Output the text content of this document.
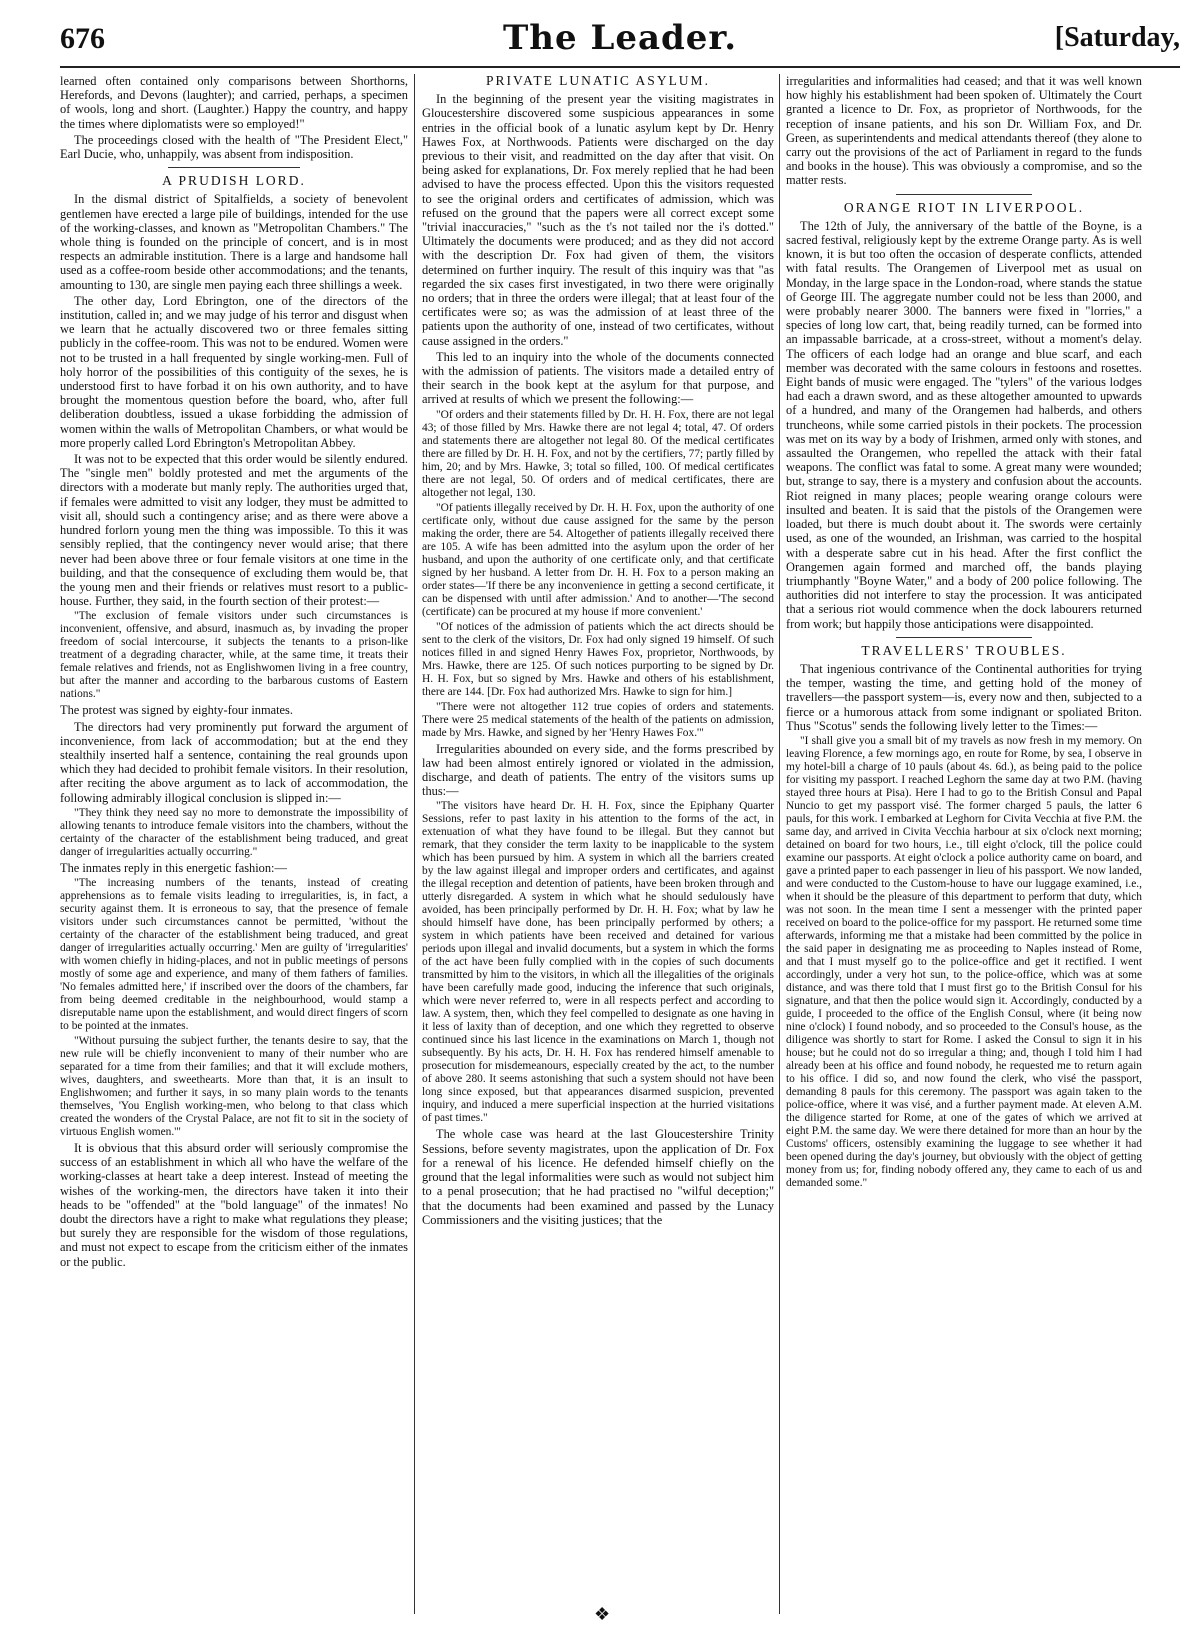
676	The Leader.	[Saturday,

learned often contained only comparisons between Shorthorns, Herefords, and Devons (laughter); and carried, perhaps, a specimen of wools, long and short. (Laughter.) Happy the country, and happy the times where diplomatists were so employed!"

The proceedings closed with the health of "The President Elect," Earl Ducie, who, unhappily, was absent from indisposition.

A PRUDISH LORD.

In the dismal district of Spitalfields, a society of benevolent gentlemen have erected a large pile of buildings, intended for the use of the working-classes, and known as "Metropolitan Chambers." The whole thing is founded on the principle of concert, and is in most respects an admirable institution. There is a large and handsome hall used as a coffee-room beside other accommodations; and the tenants, amounting to 130, are single men paying each three shillings a week.

The other day, Lord Ebrington, one of the directors of the institution, called in; and we may judge of his terror and disgust when we learn that he actually discovered two or three females sitting publicly in the coffee-room. This was not to be endured. Women were not to be trusted in a hall frequented by single working-men. Full of holy horror of the possibilities of this contiguity of the sexes, he is understood first to have forbad it on his own authority, and to have brought the momentous question before the board, who, after full deliberation doubtless, issued a ukase forbidding the admission of women within the walls of Metropolitan Chambers, or what would be more properly called Lord Ebrington's Metropolitan Abbey.

It was not to be expected that this order would be silently endured. The "single men" boldly protested and met the arguments of the directors with a moderate but manly reply. The authorities urged that, if females were admitted to visit any lodger, they must be admitted to visit all, should such a contingency arise; and as there were above a hundred forlorn young men the thing was impossible. To this it was sensibly replied, that the contingency never would arise; that there never had been above three or four female visitors at one time in the building, and that the consequence of excluding them would be, that the young men and their friends or relatives must resort to a public-house. Further, they said, in the fourth section of their protest:—

"The exclusion of female visitors under such circumstances is inconvenient, offensive, and absurd, inasmuch as, by invading the proper freedom of social intercourse, it subjects the tenants to a prison-like treatment of a degrading character, while, at the same time, it treats their female relatives and friends, not as Englishwomen living in a free country, but after the manner and according to the barbarous customs of Eastern nations."

The protest was signed by eighty-four inmates.

The directors had very prominently put forward the argument of inconvenience, from lack of accommodation; but at the end they stealthily inserted half a sentence, containing the real grounds upon which they had decided to prohibit female visitors. In their resolution, after reciting the above argument as to lack of accommodation, the following admirably illogical conclusion is slipped in:—

"They think they need say no more to demonstrate the impossibility of allowing tenants to introduce female visitors into the chambers, without the certainty of the character of the establishment being traduced, and great danger of irregularities actually occurring."

The inmates reply in this energetic fashion:—

"The increasing numbers of the tenants, instead of creating apprehensions as to female visits leading to irregularities, is, in fact, a security against them. It is erroneous to say, that the presence of female visitors under such circumstances cannot be permitted, 'without the certainty of the character of the establishment being traduced, and great danger of irregularities actually occurring.' Men are guilty of 'irregularities' with women chiefly in hiding-places, and not in public meetings of persons mostly of some age and experience, and many of them fathers of families. 'No females admitted here,' if inscribed over the doors of the chambers, far from being deemed creditable in the neighbourhood, would stamp a disreputable name upon the establishment, and would direct fingers of scorn to be pointed at the inmates.

"Without pursuing the subject further, the tenants desire to say, that the new rule will be chiefly inconvenient to many of their number who are separated for a time from their families; and that it will exclude mothers, wives, daughters, and sweethearts. More than that, it is an insult to Englishwomen; and further it says, in so many plain words to the tenants themselves, 'You English working-men, who belong to that class which created the wonders of the Crystal Palace, are not fit to sit in the society of virtuous English women.'"

It is obvious that this absurd order will seriously compromise the success of an establishment in which all who have the welfare of the working-classes at heart take a deep interest. Instead of meeting the wishes of the working-men, the directors have taken it into their heads to be "offended" at the "bold language" of the inmates! No doubt the directors have a right to make what regulations they please; but surely they are responsible for the wisdom of those regulations, and must not expect to escape from the criticism either of the inmates or the public.

PRIVATE LUNATIC ASYLUM.

In the beginning of the present year the visiting magistrates in Gloucestershire discovered some suspicious appearances in some entries in the official book of a lunatic asylum kept by Dr. Henry Hawes Fox, at Northwoods. Patients were discharged on the day previous to their visit, and readmitted on the day after that visit. On being asked for explanations, Dr. Fox merely replied that he had been advised to have the process effected. Upon this the visitors requested to see the original orders and certificates of admission, which was refused on the ground that the papers were all correct except some "trivial inaccuracies," "such as the t's not tailed nor the i's dotted." Ultimately the documents were produced; and as they did not accord with the description Dr. Fox had given of them, the visitors determined on further inquiry. The result of this inquiry was that "as regarded the six cases first investigated, in two there were originally no orders; that in three the orders were illegal; that at least four of the certificates were so; as was the admission of at least three of the patients upon the authority of one, instead of two certificates, without cause assigned in the orders."

This led to an inquiry into the whole of the documents connected with the admission of patients. The visitors made a detailed entry of their search in the book kept at the asylum for that purpose, and arrived at results of which we present the following:—

"Of orders and their statements filled by Dr. H. H. Fox, there are not legal 43; of those filled by Mrs. Hawke there are not legal 4; total, 47. Of orders and statements there are altogether not legal 80. Of the medical certificates there are filled by Dr. H. H. Fox, and not by the certifiers, 77; partly filled by him, 20; and by Mrs. Hawke, 3; total so filled, 100. Of medical certificates there are not legal, 50. Of orders and of medical certificates, there are altogether not legal, 130.

"Of patients illegally received by Dr. H. H. Fox, upon the authority of one certificate only, without due cause assigned for the same by the person making the order, there are 54. Altogether of patients illegally received there are 105. A wife has been admitted into the asylum upon the order of her husband, and upon the authority of one certificate only, and that certificate signed by her husband. A letter from Dr. H. H. Fox to a person making an order states—'If there be any inconvenience in getting a second certificate, it can be dispensed with until after admission.' And to another—'The second (certificate) can be procured at my house if more convenient.'

"Of notices of the admission of patients which the act directs should be sent to the clerk of the visitors, Dr. Fox had only signed 19 himself. Of such notices filled in and signed Henry Hawes Fox, proprietor, Northwoods, by Mrs. Hawke, there are 125. Of such notices purporting to be signed by Dr. H. H. Fox, but so signed by Mrs. Hawke and others of his establishment, there are 144. [Dr. Fox had authorized Mrs. Hawke to sign for him.]

"There were not altogether 112 true copies of orders and statements. There were 25 medical statements of the health of the patients on admission, made by Mrs. Hawke, and signed by her 'Henry Hawes Fox.'"

Irregularities abounded on every side, and the forms prescribed by law had been almost entirely ignored or violated in the admission, discharge, and death of patients. The entry of the visitors sums up thus:—

"The visitors have heard Dr. H. H. Fox, since the Epiphany Quarter Sessions, refer to past laxity in his attention to the forms of the act, in extenuation of what they have found to be illegal. But they cannot but remark, that they consider the term laxity to be inapplicable to the system which has been pursued by him. A system in which all the barriers created by the law against illegal and improper orders and certificates, and against the illegal reception and detention of patients, have been broken through and utterly disregarded. A system in which what he should sedulously have avoided, has been principally performed by Dr. H. H. Fox; what by law he should himself have done, has been principally performed by others; a system in which patients have been received and detained for various periods upon illegal and invalid documents, but a system in which the forms of the act have been fully complied with in the copies of such documents transmitted by him to the visitors, in which all the illegalities of the originals have been carefully made good, inducing the inference that such originals, which were never referred to, were in all respects perfect and according to law. A system, then, which they feel compelled to designate as one having in it less of laxity than of deception, and one which they regretted to observe continued since his last licence in the examinations on March 1, though not subsequently. By his acts, Dr. H. H. Fox has rendered himself amenable to prosecution for misdemeanours, especially created by the act, to the number of above 280. It seems astonishing that such a system should not have been long since exposed, but that appearances disarmed suspicion, prevented inquiry, and induced a mere superficial inspection at the hurried visitations of past times."

The whole case was heard at the last Gloucestershire Trinity Sessions, before seventy magistrates, upon the application of Dr. Fox for a renewal of his licence. He defended himself chiefly on the ground that the legal informalities were such as would not subject him to a penal prosecution; that he had practised no "wilful deception;" that the documents had been examined and passed by the Lunacy Commissioners and the visiting justices; that the

irregularities and informalities had ceased; and that it was well known how highly his establishment had been spoken of. Ultimately the Court granted a licence to Dr. Fox, as proprietor of Northwoods, for the reception of insane patients, and his son Dr. William Fox, and Dr. Green, as superintendents and medical attendants thereof (they alone to carry out the provisions of the act of Parliament in regard to the funds and books in the house). This was obviously a compromise, and so the matter rests.

ORANGE RIOT IN LIVERPOOL.

The 12th of July, the anniversary of the battle of the Boyne, is a sacred festival, religiously kept by the extreme Orange party. As is well known, it is but too often the occasion of desperate conflicts, attended with fatal results. The Orangemen of Liverpool met as usual on Monday, in the large space in the London-road, where stands the statue of George III. The aggregate number could not be less than 2000, and were probably nearer 3000. The banners were fixed in "lorries," a species of long low cart, that, being readily turned, can be formed into an impassable barricade, at a cross-street, without a moment's delay. The officers of each lodge had an orange and blue scarf, and each member was decorated with the same colours in festoons and rosettes. Eight bands of music were engaged. The "tylers" of the various lodges had each a drawn sword, and as these altogether amounted to upwards of a hundred, and many of the Orangemen had halberds, and others truncheons, while some carried pistols in their pockets. The procession was met on its way by a body of Irishmen, armed only with stones, and assaulted the Orangemen, who repelled the attack with their fatal weapons. The conflict was fatal to some. A great many were wounded; but, strange to say, there is a mystery and confusion about the accounts. Riot reigned in many places; people wearing orange colours were insulted and beaten. It is said that the pistols of the Orangemen were loaded, but there is much doubt about it. The swords were certainly used, as one of the wounded, an Irishman, was carried to the hospital with a desperate sabre cut in his head. After the first conflict the Orangemen again formed and marched off, the bands playing triumphantly "Boyne Water," and a body of 200 police following. The authorities did not interfere to stay the procession. It was anticipated that a serious riot would commence when the dock labourers returned from work; but happily those anticipations were disappointed.

TRAVELLERS' TROUBLES.

That ingenious contrivance of the Continental authorities for trying the temper, wasting the time, and getting hold of the money of travellers—the passport system—is, every now and then, subjected to a fierce or a humorous attack from some indignant or spoliated Briton. Thus "Scotus" sends the following lively letter to the Times:—

"I shall give you a small bit of my travels as now fresh in my memory. On leaving Florence, a few mornings ago, en route for Rome, by sea, I observe in my hotel-bill a charge of 10 pauls (about 4s. 6d.), as being paid to the police for visiting my passport. I reached Leghorn the same day at two P.M. (having stayed three hours at Pisa). Here I had to go to the British Consul and Papal Nuncio to get my passport visé. The former charged 5 pauls, the latter 6 pauls, for this work. I embarked at Leghorn for Civita Vecchia at five P.M. the same day, and arrived in Civita Vecchia harbour at six o'clock next morning; detained on board for two hours, i.e., till eight o'clock, till the police could examine our passports. At eight o'clock a police authority came on board, and gave a printed paper to each passenger in lieu of his passport. We now landed, and were conducted to the Custom-house to have our luggage examined, i.e., when it should be the pleasure of this department to perform that duty, which was not soon. In the mean time I sent a messenger with the printed paper received on board to the police-office for my passport. He returned some time afterwards, informing me that a mistake had been committed by the police in the said paper in designating me as proceeding to Naples instead of Rome, and that I must myself go to the police-office and get it rectified. I went accordingly, under a very hot sun, to the police-office, which was at some distance, and was there told that I must first go to the British Consul for his signature, and that then the police would sign it. Accordingly, conducted by a guide, I proceeded to the office of the English Consul, where (it being now nine o'clock) I found nobody, and so proceeded to the Consul's house, as the diligence was shortly to start for Rome. I asked the Consul to sign it in his house; but he could not do so irregular a thing; and, though I told him I had already been at his office and found nobody, he requested me to return again to his office. I did so, and now found the clerk, who visé the passport, demanding 8 pauls for this ceremony. The passport was again taken to the police-office, where it was visé, and a further payment made. At eleven A.M. the diligence started for Rome, at one of the gates of which we arrived at eight P.M. the same day. We were there detained for more than an hour by the Customs' officers, ostensibly examining the luggage to see whether it had been opened during the day's journey, but obviously with the object of getting money from us; for, finding nobody offered any, they came to each of us and demanded some."

❖
